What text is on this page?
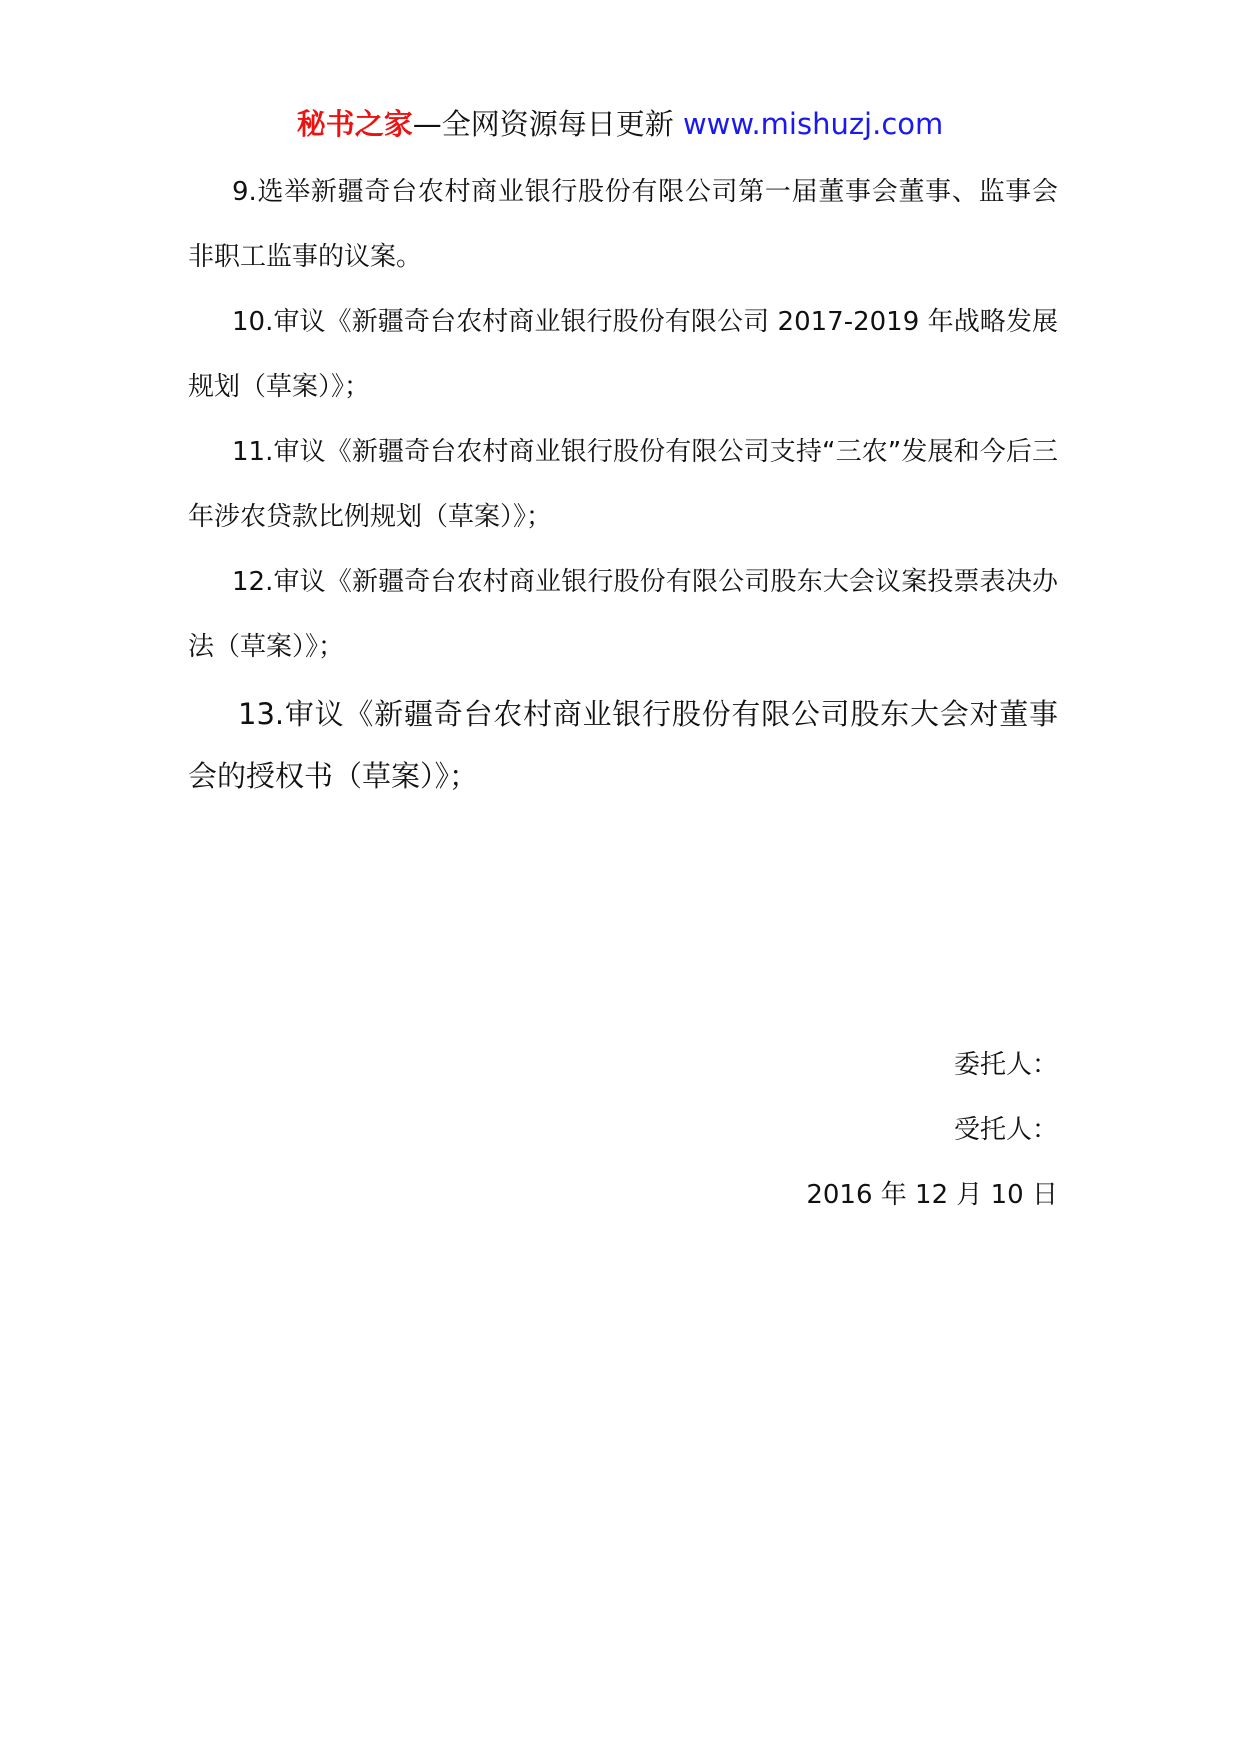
秘书之家—全网资源每日更新 www.mishuzj.com

9.选举新疆奇台农村商业银行股份有限公司第一届董事会董事、监事会非职工监事的议案。

10.审议《新疆奇台农村商业银行股份有限公司 2017-2019 年战略发展规划（草案）》；

11.审议《新疆奇台农村商业银行股份有限公司支持“三农”发展和今后三年涉农贷款比例规划（草案）》；

12.审议《新疆奇台农村商业银行股份有限公司股东大会议案投票表决办法（草案）》；

13.审议《新疆奇台农村商业银行股份有限公司股东大会对董事会的授权书（草案）》；

委托人：
受托人：
2016 年 12 月 10 日
